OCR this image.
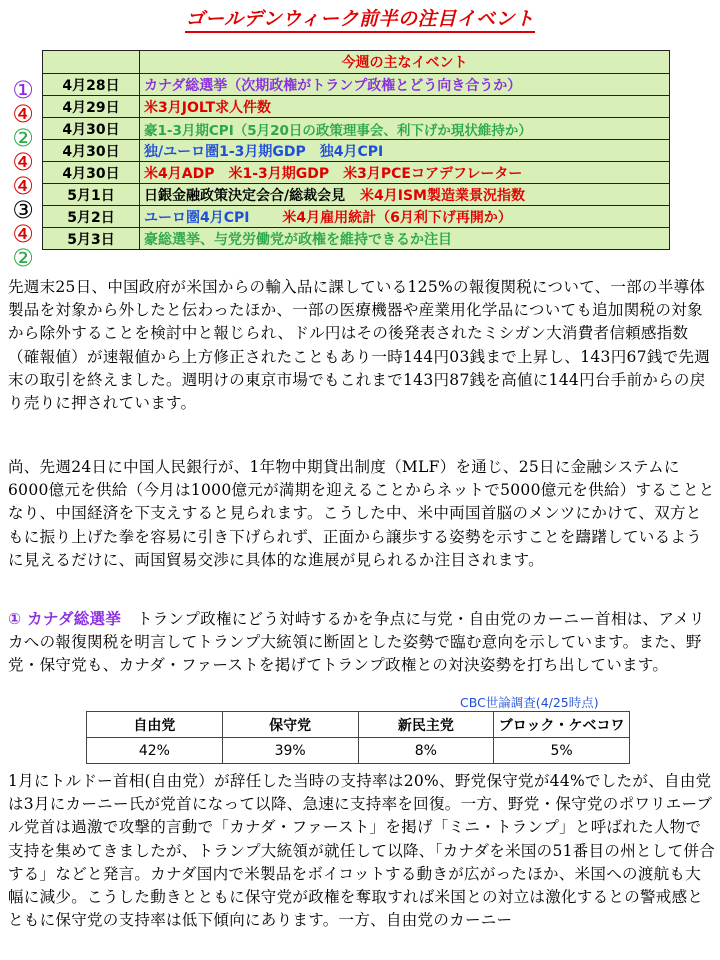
ゴールデンウィーク前半の注目イベント
①
④
②
④
④
③
④
②
	今週の主なイベント
4月28日	カナダ総選挙（次期政権がトランプ政権とどう向き合うか）
4月29日	米3月JOLT求人件数
4月30日	豪1-3月期CPI（5月20日の政策理事会、利下げか現状維持か）
4月30日	独/ユーロ圏1-3月期GDP　独4月CPI
4月30日	米4月ADP　米1-3月期GDP　米3月PCEコアデフレーター
5月1日	日銀金融政策決定会合/総裁会見 米4月ISM製造業景況指数
5月2日	ユーロ圏4月CPI 米4月雇用統計（6月利下げ再開か）
5月3日	豪総選挙、与党労働党が政権を維持できるか注目
先週末25日、中国政府が米国からの輸入品に課している125%の報復関税について、一部の半導体製品を対象から外したと伝わったほか、一部の医療機器や産業用化学品についても追加関税の対象から除外することを検討中と報じられ、ドル円はその後発表されたミシガン大消費者信頼感指数（確報値）が速報値から上方修正されたこともあり一時144円03銭まで上昇し、143円67銭で先週末の取引を終えました。週明けの東京市場でもこれまで143円87銭を高値に144円台手前からの戻り売りに押されています。
尚、先週24日に中国人民銀行が、1年物中期貸出制度（MLF）を通じ、25日に金融システムに6000億元を供給（今月は1000億元が満期を迎えることからネットで5000億元を供給）することとなり、中国経済を下支えすると見られます。こうした中、米中両国首脳のメンツにかけて、双方ともに振り上げた拳を容易に引き下げられず、正面から譲歩する姿勢を示すことを躊躇しているように見えるだけに、両国貿易交渉に具体的な進展が見られるか注目されます。
① カナダ総選挙　トランプ政権にどう対峙するかを争点に与党・自由党のカーニー首相は、アメリカへの報復関税を明言してトランプ大統領に断固とした姿勢で臨む意向を示しています。また、野党・保守党も、カナダ・ファーストを掲げてトランプ政権との対決姿勢を打ち出しています。
CBC世論調査(4/25時点)
自由党	保守党	新民主党	ブロック・ケベコワ
42%	39%	8%	5%
1月にトルドー首相(自由党）が辞任した当時の支持率は20%、野党保守党が44%でしたが、自由党は3月にカーニー氏が党首になって以降、急速に支持率を回復。一方、野党・保守党のポワリエーブル党首は過激で攻撃的言動で「カナダ・ファースト」を掲げ「ミニ・トランプ」と呼ばれた人物で支持を集めてきましたが、トランプ大統領が就任して以降、「カナダを米国の51番目の州として併合する」などと発言。カナダ国内で米製品をボイコットする動きが広がったほか、米国への渡航も大幅に減少。こうした動きとともに保守党が政権を奪取すれば米国との対立は激化するとの警戒感とともに保守党の支持率は低下傾向にあります。一方、自由党のカーニー
